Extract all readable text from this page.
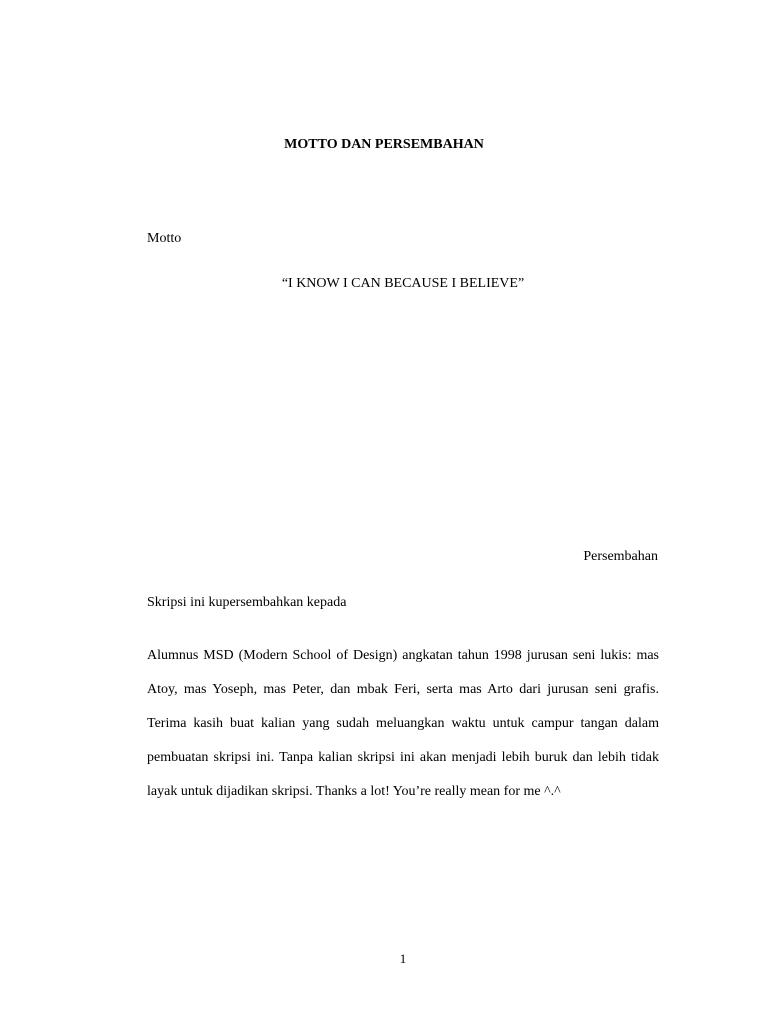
MOTTO DAN PERSEMBAHAN
Motto
“I KNOW I CAN BECAUSE I BELIEVE”
Persembahan
Skripsi ini kupersembahkan kepada

Alumnus MSD (Modern School of Design) angkatan tahun 1998 jurusan seni lukis: mas Atoy, mas Yoseph, mas Peter, dan mbak Feri, serta mas Arto dari jurusan seni grafis. Terima kasih buat kalian yang sudah meluangkan waktu untuk campur tangan dalam pembuatan skripsi ini. Tanpa kalian skripsi ini akan menjadi lebih buruk dan lebih tidak layak untuk dijadikan skripsi. Thanks a lot! You’re really mean for me ^.^

1
